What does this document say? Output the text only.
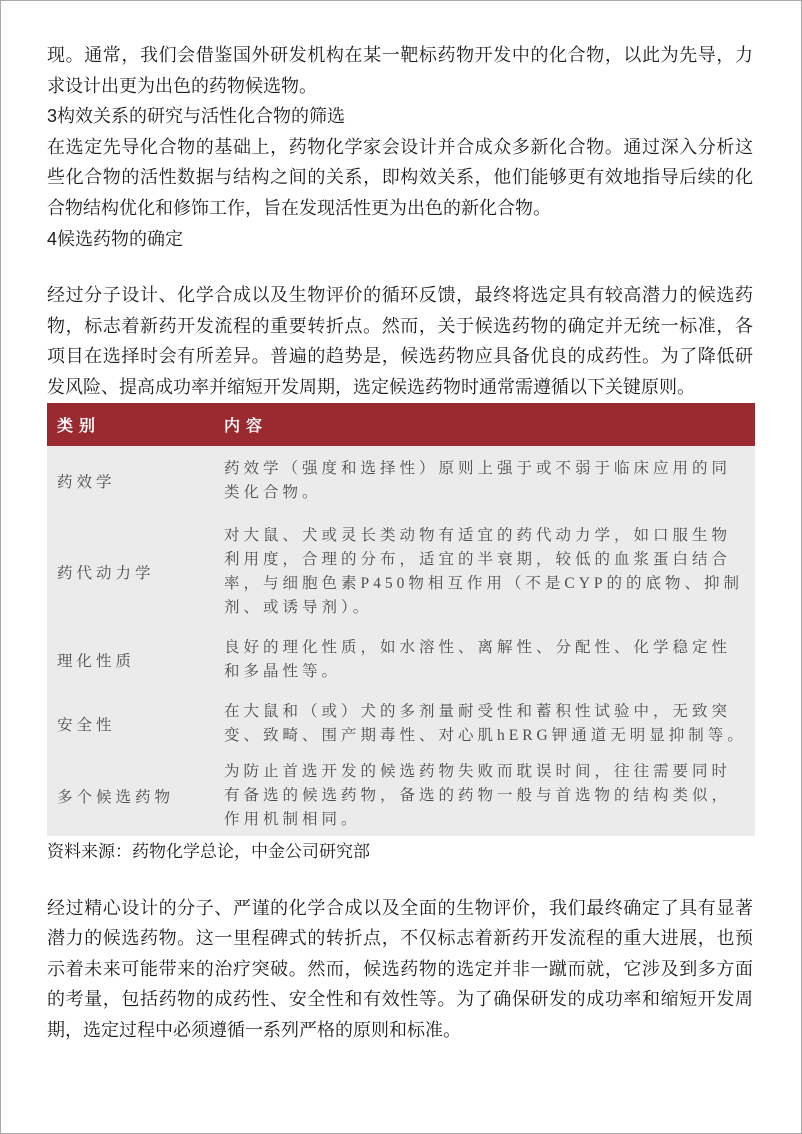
现。通常，我们会借鉴国外研发机构在某一靶标药物开发中的化合物，以此为先导，力
求设计出更为出色的药物候选物。
3构效关系的研究与活性化合物的筛选
在选定先导化合物的基础上，药物化学家会设计并合成众多新化合物。通过深入分析这
些化合物的活性数据与结构之间的关系，即构效关系，他们能够更有效地指导后续的化
合物结构优化和修饰工作，旨在发现活性更为出色的新化合物。
4候选药物的确定
经过分子设计、化学合成以及生物评价的循环反馈，最终将选定具有较高潜力的候选药
物，标志着新药开发流程的重要转折点。然而，关于候选药物的确定并无统一标准，各
项目在选择时会有所差异。普遍的趋势是，候选药物应具备优良的成药性。为了降低研
发风险、提高成功率并缩短开发周期，选定候选药物时通常需遵循以下关键原则。
类别	内容
药效学
药效学（强度和选择性）原则上强于或不弱于临床应用的同
类化合物。
药代动力学
对大鼠、犬或灵长类动物有适宜的药代动力学，如口服生物
利用度，合理的分布，适宜的半衰期，较低的血浆蛋白结合
率，与细胞色素P450物相互作用（不是CYP的的底物、抑制
剂、或诱导剂）。
理化性质
良好的理化性质，如水溶性、离解性、分配性、化学稳定性
和多晶性等。
安全性
在大鼠和（或）犬的多剂量耐受性和蓄积性试验中，无致突
变、致畸、围产期毒性、对心肌hERG钾通道无明显抑制等。
多个候选药物
为防止首选开发的候选药物失败而耽误时间，往往需要同时
有备选的候选药物，备选的药物一般与首选物的结构类似，
作用机制相同。
资料来源：药物化学总论，中金公司研究部
经过精心设计的分子、严谨的化学合成以及全面的生物评价，我们最终确定了具有显著
潜力的候选药物。这一里程碑式的转折点，不仅标志着新药开发流程的重大进展，也预
示着未来可能带来的治疗突破。然而，候选药物的选定并非一蹴而就，它涉及到多方面
的考量，包括药物的成药性、安全性和有效性等。为了确保研发的成功率和缩短开发周
期，选定过程中必须遵循一系列严格的原则和标准。
